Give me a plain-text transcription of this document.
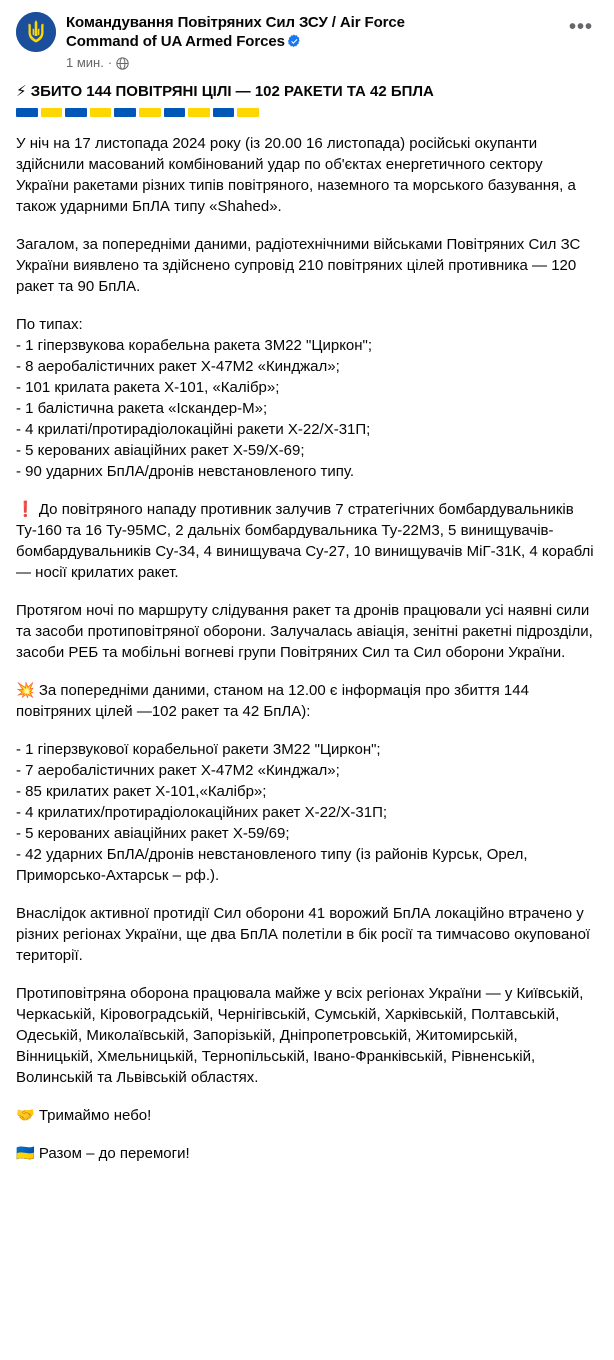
Командування Повітряних Сил ЗСУ / Air Force
Command of UA Armed Forces
1 мин. ·
•••
⚡ ЗБИТО 144 ПОВІТРЯНІ ЦІЛІ — 102 РАКЕТИ ТА 42 БПЛА

У ніч на 17 листопада 2024 року (із 20.00 16 листопада) російські окупанти здійснили масований комбінований удар по об'єктах енергетичного сектору України ракетами різних типів повітряного, наземного та морського базування, а також ударними БпЛА типу «Shahed».

Загалом, за попередніми даними, радіотехнічними військами Повітряних Сил ЗС України виявлено та здійснено супровід 210 повітряних цілей противника — 120 ракет та 90 БпЛА.

По типах:
- 1 гіперзвукова корабельна ракета 3М22 "Циркон";
- 8 аеробалістичних ракет Х-47М2 «Кинджал»;
- 101 крилата ракета Х-101, «Калібр»;
- 1 балістична ракета «Іскандер-М»;
- 4 крилаті/протирадіолокаційні ракети Х-22/Х-31П;
- 5 керованих авіаційних ракет Х-59/Х-69;
- 90 ударних БпЛА/дронів невстановленого типу.

❗ До повітряного нападу противник залучив 7 стратегічних бомбардувальників Ту-160 та 16 Ту-95МС, 2 дальніх бомбардувальника Ту-22М3, 5 винищувачів-бомбардувальників Су-34, 4 винищувача Су-27, 10 винищувачів МіГ-31К, 4 кораблі — носії крилатих ракет.

Протягом ночі по маршруту слідування ракет та дронів працювали усі наявні сили та засоби протиповітряної оборони. Залучалась авіація, зенітні ракетні підрозділи, засоби РЕБ та мобільні вогневі групи Повітряних Сил та Сил оборони України.

💥 За попередніми даними, станом на 12.00 є інформація про збиття 144 повітряних цілей —102 ракет та 42 БпЛА):

- 1 гіперзвукової корабельної ракети 3М22 "Циркон";
- 7 аеробалістичних ракет Х-47М2 «Кинджал»;
- 85 крилатих ракет Х-101,«Калібр»;
- 4 крилатих/протирадіолокаційних ракет Х-22/Х-31П;
- 5 керованих авіаційних ракет Х-59/69;
- 42 ударних БпЛА/дронів невстановленого типу (із районів Курськ, Орел, Приморсько-Ахтарськ – рф.).

Внаслідок активної протидії Сил оборони 41 ворожий БпЛА локаційно втрачено у різних регіонах України, ще два БпЛА полетіли в бік росії та тимчасово окупованої території.

Протиповітряна оборона працювала майже у всіх регіонах України — у Київській, Черкаській, Кіровоградській, Чернігівській, Сумській, Харківській, Полтавській, Одеській, Миколаївській, Запорізькій, Дніпропетровській, Житомирській, Вінницькій, Хмельницькій, Тернопільській, Івано-Франківській, Рівненській, Волинській та Львівській областях.

🤝 Тримаймо небо!

🇺🇦 Разом – до перемоги!
